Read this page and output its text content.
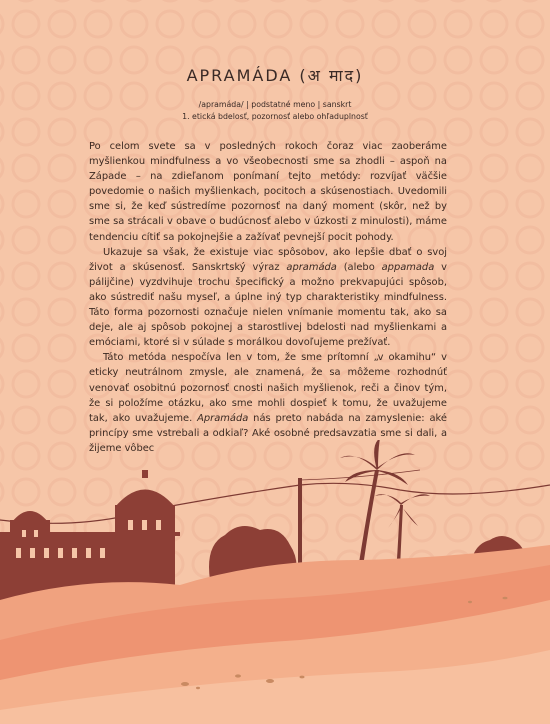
APRAMÁDA (अ माद)
/apramáda/ | podstatné meno | sanskrt
1. etická bdelosť, pozornosť alebo ohľaduplnosť

Po celom svete sa v posledných rokoch čoraz viac zaoberáme myšlienkou mindfulness a vo všeobecnosti sme sa zhodli – aspoň na Západe – na zdieľanom ponímaní tejto metódy: rozvíjať väčšie povedomie o našich myšlienkach, pocitoch a skúsenostiach. Uvedomili sme si, že keď sústredíme pozornosť na daný moment (skôr, než by sme sa strácali v obave o budúcnosť alebo v úzkosti z minulosti), máme tendenciu cítiť sa pokojnejšie a zažívať pevnejší pocit pohody.

Ukazuje sa však, že existuje viac spôsobov, ako lepšie dbať o svoj život a skúsenosť. Sanskrtský výraz apramáda (alebo appamada v pálijčine) vyzdvihuje trochu špecifický a možno prekvapujúci spôsob, ako sústrediť našu myseľ, a úplne iný typ charakteristiky mindfulness. Táto forma pozornosti označuje nielen vnímanie momentu tak, ako sa deje, ale aj spôsob pokojnej a starostlivej bdelosti nad myšlienkami a emóciami, ktoré si v súlade s morálkou dovoľujeme prežívať.

Táto metóda nespočíva len v tom, že sme prítomní „v okamihu“ v eticky neutrálnom zmysle, ale znamená, že sa môžeme rozhodnúť venovať osobitnú pozornosť cnosti našich myšlienok, reči a činov tým, že si položíme otázku, ako sme mohli dospieť k tomu, že uvažujeme tak, ako uvažujeme. Apramáda nás preto nabáda na zamyslenie: aké princípy sme vstrebali a odkiaľ? Aké osobné predsavzatia sme si dali, a žijeme vôbec
